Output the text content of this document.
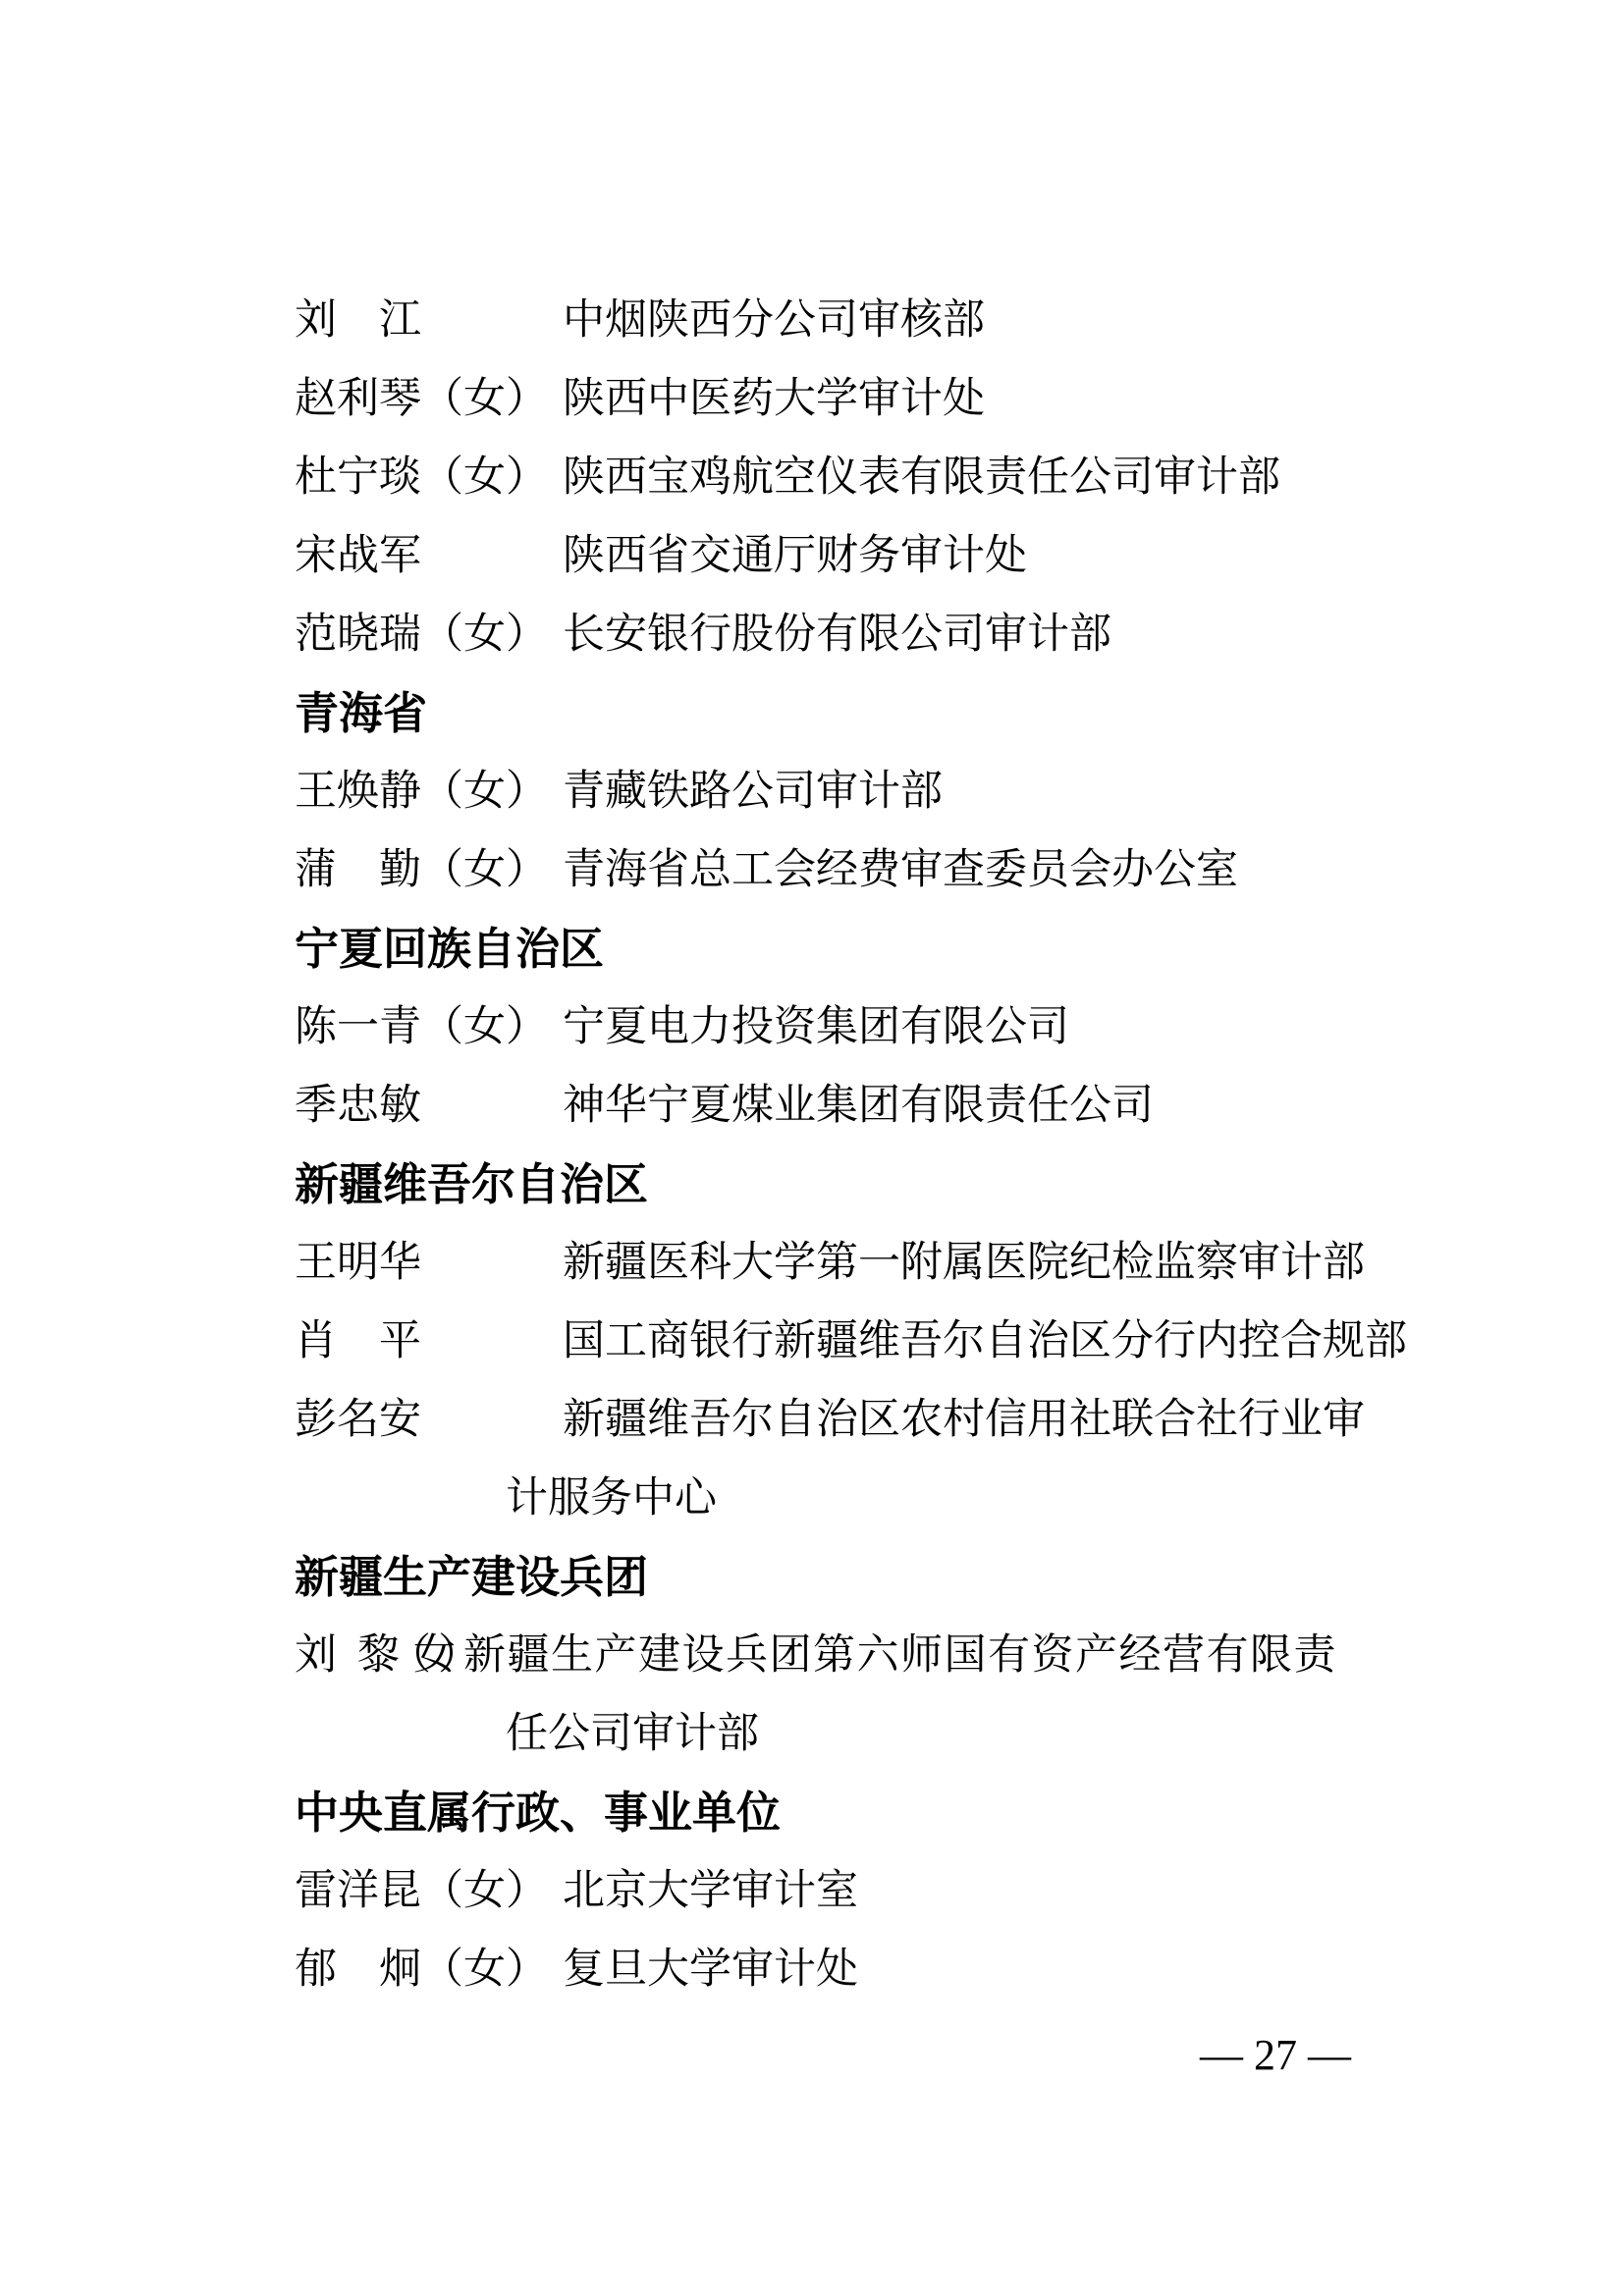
刘　江	中烟陕西分公司审核部
赵利琴 （女） 陕西中医药大学审计处
杜宁琰 （女） 陕西宝鸡航空仪表有限责任公司审计部
宋战军	陕西省交通厅财务审计处
范晓瑞 （女） 长安银行股份有限公司审计部
青海省
王焕静 （女） 青藏铁路公司审计部
蒲　勤 （女） 青海省总工会经费审查委员会办公室
宁夏回族自治区
陈一青 （女） 宁夏电力投资集团有限公司
季忠敏	神华宁夏煤业集团有限责任公司
新疆维吾尔自治区
王明华	新疆医科大学第一附属医院纪检监察审计部
肖　平	国工商银行新疆维吾尔自治区分行内控合规部
彭名安	新疆维吾尔自治区农村信用社联合社行业审
计服务中心
新疆生产建设兵团
刘　黎 （女） 新疆生产建设兵团第六师国有资产经营有限责
任公司审计部
中央直属行政、事业单位
雷洋昆 （女） 北京大学审计室
郁　炯 （女） 复旦大学审计处
— 27 —
